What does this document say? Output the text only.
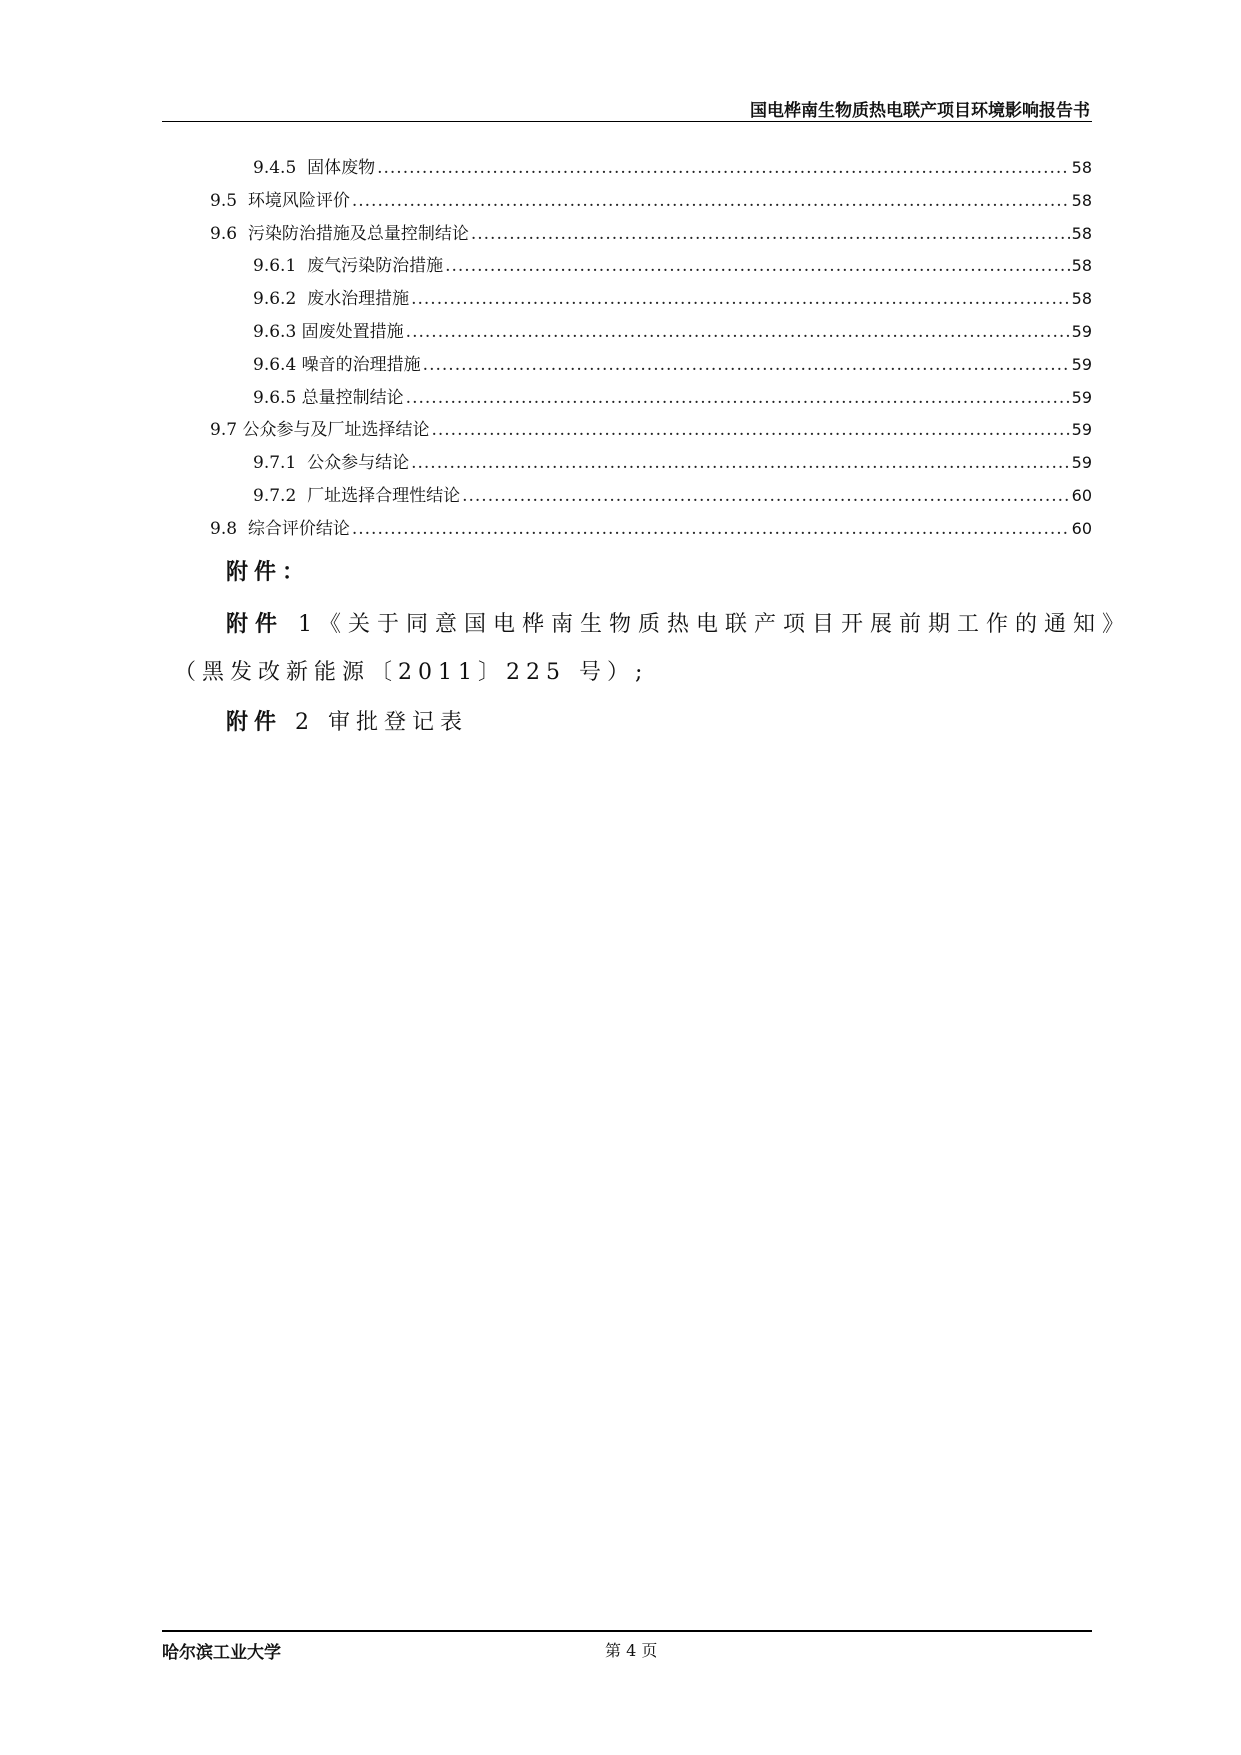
国电桦南生物质热电联产项目环境影响报告书
9.4.5 固体废物 .....	58
9.5 环境风险评价 .....	58
9.6 污染防治措施及总量控制结论 .....	58
9.6.1 废气污染防治措施 .....	58
9.6.2 废水治理措施 .....	58
9.6.3 固废处置措施 .....	59
9.6.4 噪音的治理措施 .....	59
9.6.5 总量控制结论 .....	59
9.7 公众参与及厂址选择结论 .....	59
9.7.1 公众参与结论 .....	59
9.7.2 厂址选择合理性结论 .....	60
9.8 综合评价结论 .....	60
附件：
附件 1《关于同意国电桦南生物质热电联产项目开展前期工作的通知》
（黑发改新能源〔2011〕225 号）;
附件 2 审批登记表
哈尔滨工业大学	第 4 页
